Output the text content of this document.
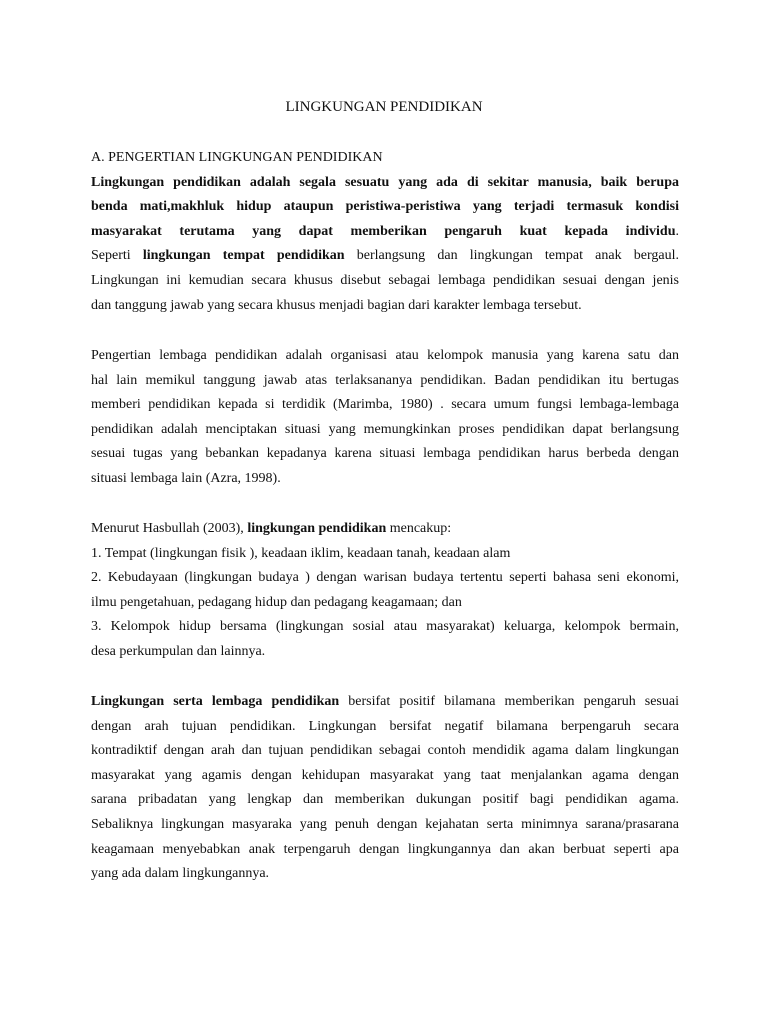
LINGKUNGAN PENDIDIKAN
A. PENGERTIAN LINGKUNGAN PENDIDIKAN

Lingkungan pendidikan adalah segala sesuatu yang ada di sekitar manusia, baik berupa

benda mati,makhluk hidup ataupun peristiwa-peristiwa yang terjadi termasuk kondisi

masyarakat terutama yang dapat memberikan pengaruh kuat kepada individu.

Seperti lingkungan tempat pendidikan berlangsung dan lingkungan tempat anak bergaul.

Lingkungan ini kemudian secara khusus disebut sebagai lembaga pendidikan sesuai dengan jenis

dan tanggung jawab yang secara khusus menjadi bagian dari karakter lembaga tersebut.

Pengertian lembaga pendidikan adalah organisasi atau kelompok manusia yang karena satu dan

hal lain memikul tanggung jawab atas terlaksananya pendidikan. Badan pendidikan itu bertugas

memberi pendidikan kepada si terdidik (Marimba, 1980) . secara umum fungsi lembaga-lembaga

pendidikan adalah menciptakan situasi yang memungkinkan proses pendidikan dapat berlangsung

sesuai tugas yang bebankan kepadanya karena situasi lembaga pendidikan harus berbeda dengan

situasi lembaga lain (Azra, 1998).

Menurut Hasbullah (2003), lingkungan pendidikan mencakup:

1. Tempat (lingkungan fisik ), keadaan iklim, keadaan tanah, keadaan alam

2. Kebudayaan (lingkungan budaya ) dengan warisan budaya tertentu seperti bahasa seni ekonomi,

ilmu pengetahuan, pedagang hidup dan pedagang keagamaan; dan

3. Kelompok hidup bersama (lingkungan sosial atau masyarakat) keluarga, kelompok bermain,

desa perkumpulan dan lainnya.

Lingkungan serta lembaga pendidikan bersifat positif bilamana memberikan pengaruh sesuai

dengan arah tujuan pendidikan. Lingkungan bersifat negatif bilamana berpengaruh secara

kontradiktif dengan arah dan tujuan pendidikan sebagai contoh mendidik agama dalam lingkungan

masyarakat yang agamis dengan kehidupan masyarakat yang taat menjalankan agama dengan

sarana pribadatan yang lengkap dan memberikan dukungan positif bagi pendidikan agama.

Sebaliknya lingkungan masyaraka yang penuh dengan kejahatan serta minimnya sarana/prasarana

keagamaan menyebabkan anak terpengaruh dengan lingkungannya dan akan berbuat seperti apa

yang ada dalam lingkungannya.
